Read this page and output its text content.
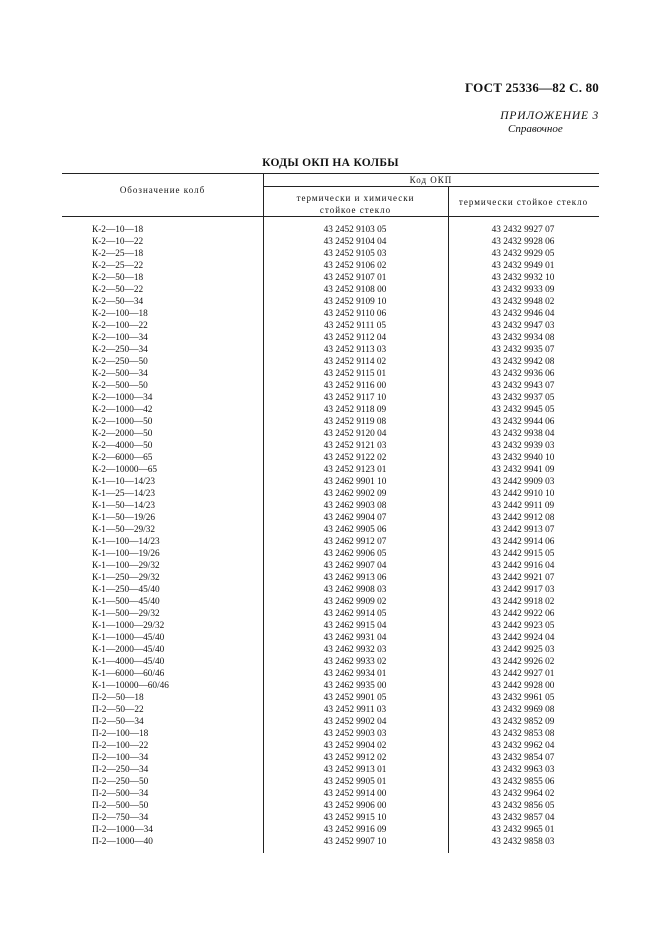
ГОСТ 25336—82 С. 80
ПРИЛОЖЕНИЕ 3
Справочное
КОДЫ ОКП НА КОЛБЫ
Обозначение колб
Код ОКП
термически и химически
стойкое стекло
термически стойкое стекло
К-2—10—18	43 2452 9103 05	43 2432 9927 07
К-2—10—22	43 2452 9104 04	43 2432 9928 06
К-2—25—18	43 2452 9105 03	43 2432 9929 05
К-2—25—22	43 2452 9106 02	43 2432 9949 01
К-2—50—18	43 2452 9107 01	43 2432 9932 10
К-2—50—22	43 2452 9108 00	43 2432 9933 09
К-2—50—34	43 2452 9109 10	43 2432 9948 02
К-2—100—18	43 2452 9110 06	43 2432 9946 04
К-2—100—22	43 2452 9111 05	43 2432 9947 03
К-2—100—34	43 2452 9112 04	43 2432 9934 08
К-2—250—34	43 2452 9113 03	43 2432 9935 07
К-2—250—50	43 2452 9114 02	43 2432 9942 08
К-2—500—34	43 2452 9115 01	43 2432 9936 06
К-2—500—50	43 2452 9116 00	43 2432 9943 07
К-2—1000—34	43 2452 9117 10	43 2432 9937 05
К-2—1000—42	43 2452 9118 09	43 2432 9945 05
К-2—1000—50	43 2452 9119 08	43 2432 9944 06
К-2—2000—50	43 2452 9120 04	43 2432 9938 04
К-2—4000—50	43 2452 9121 03	43 2432 9939 03
К-2—6000—65	43 2452 9122 02	43 2432 9940 10
К-2—10000—65	43 2452 9123 01	43 2432 9941 09
К-1—10—14/23	43 2462 9901 10	43 2442 9909 03
К-1—25—14/23	43 2462 9902 09	43 2442 9910 10
К-1—50—14/23	43 2462 9903 08	43 2442 9911 09
К-1—50—19/26	43 2462 9904 07	43 2442 9912 08
К-1—50—29/32	43 2462 9905 06	43 2442 9913 07
К-1—100—14/23	43 2462 9912 07	43 2442 9914 06
К-1—100—19/26	43 2462 9906 05	43 2442 9915 05
К-1—100—29/32	43 2462 9907 04	43 2442 9916 04
К-1—250—29/32	43 2462 9913 06	43 2442 9921 07
К-1—250—45/40	43 2462 9908 03	43 2442 9917 03
К-1—500—45/40	43 2462 9909 02	43 2442 9918 02
К-1—500—29/32	43 2462 9914 05	43 2442 9922 06
К-1—1000—29/32	43 2462 9915 04	43 2442 9923 05
К-1—1000—45/40	43 2462 9931 04	43 2442 9924 04
К-1—2000—45/40	43 2462 9932 03	43 2442 9925 03
К-1—4000—45/40	43 2462 9933 02	43 2442 9926 02
К-1—6000—60/46	43 2462 9934 01	43 2442 9927 01
К-1—10000—60/46	43 2462 9935 00	43 2442 9928 00
П-2—50—18	43 2452 9901 05	43 2432 9961 05
П-2—50—22	43 2452 9911 03	43 2432 9969 08
П-2—50—34	43 2452 9902 04	43 2432 9852 09
П-2—100—18	43 2452 9903 03	43 2432 9853 08
П-2—100—22	43 2452 9904 02	43 2432 9962 04
П-2—100—34	43 2452 9912 02	43 2432 9854 07
П-2—250—34	43 2452 9913 01	43 2432 9963 03
П-2—250—50	43 2452 9905 01	43 2432 9855 06
П-2—500—34	43 2452 9914 00	43 2432 9964 02
П-2—500—50	43 2452 9906 00	43 2432 9856 05
П-2—750—34	43 2452 9915 10	43 2432 9857 04
П-2—1000—34	43 2452 9916 09	43 2432 9965 01
П-2—1000—40	43 2452 9907 10	43 2432 9858 03
